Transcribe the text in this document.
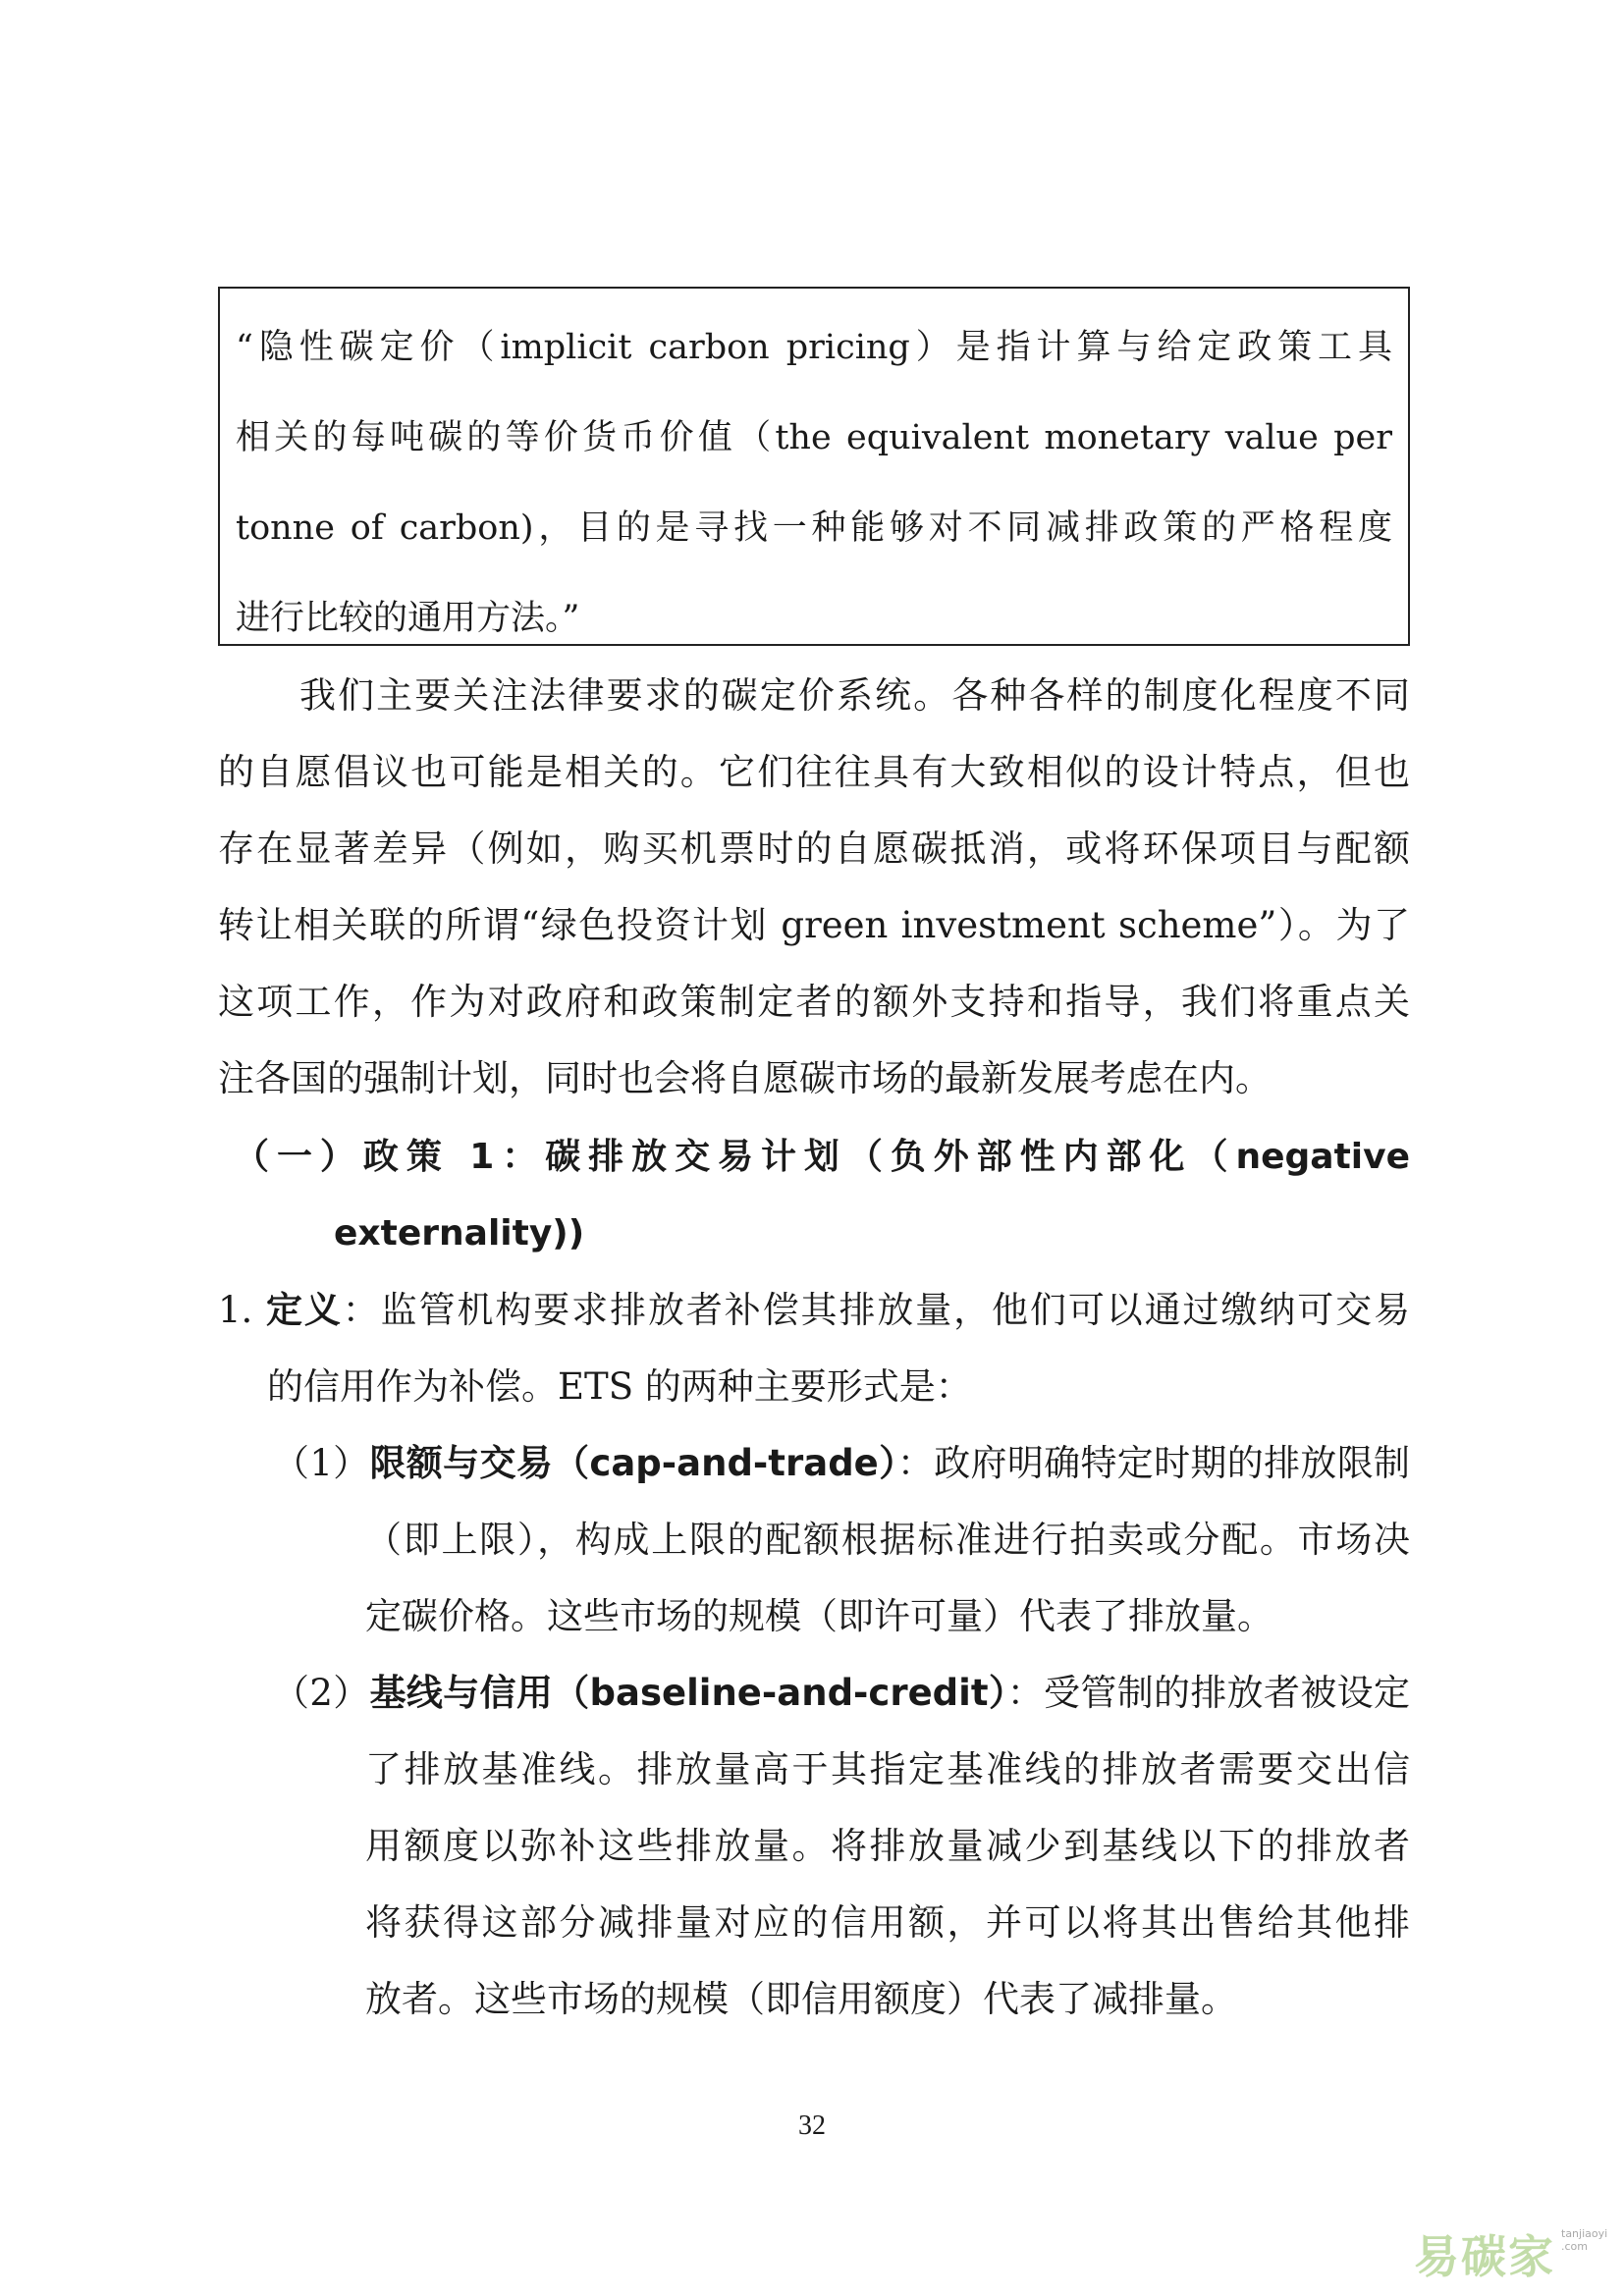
“隐性碳定价（implicit carbon pricing）是指计算与给定政策工具
相关的每吨碳的等价货币价值（the equivalent monetary value per
tonne of carbon)，目的是寻找一种能够对不同减排政策的严格程度
进行比较的通用方法。”
我们主要关注法律要求的碳定价系统。各种各样的制度化程度不同
的自愿倡议也可能是相关的。它们往往具有大致相似的设计特点，但也
存在显著差异（例如，购买机票时的自愿碳抵消，或将环保项目与配额
转让相关联的所谓“绿色投资计划 green investment scheme”）。为了
这项工作，作为对政府和政策制定者的额外支持和指导，我们将重点关
注各国的强制计划，同时也会将自愿碳市场的最新发展考虑在内。
（一）政策 1：碳排放交易计划（负外部性内部化（negative
externality))
1. 定义：监管机构要求排放者补偿其排放量，他们可以通过缴纳可交易
的信用作为补偿。ETS 的两种主要形式是：
（1）限额与交易（cap-and-trade）：政府明确特定时期的排放限制
（即上限），构成上限的配额根据标准进行拍卖或分配。市场决
定碳价格。这些市场的规模（即许可量）代表了排放量。
（2）基线与信用（baseline-and-credit）：受管制的排放者被设定
了排放基准线。排放量高于其指定基准线的排放者需要交出信
用额度以弥补这些排放量。将排放量减少到基线以下的排放者
将获得这部分减排量对应的信用额，并可以将其出售给其他排
放者。这些市场的规模（即信用额度）代表了减排量。
32
易碳家 tanjiaoyi
.com
